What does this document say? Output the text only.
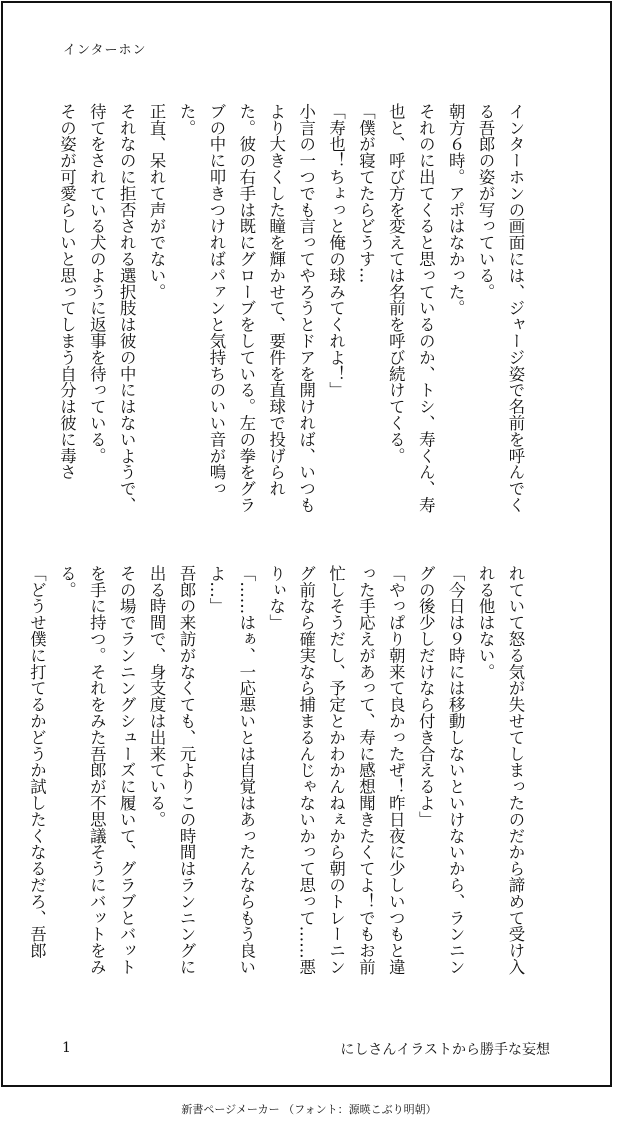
インターホン

インターホンの画面には、ジャージ姿で名前を呼んでくる吾郎の姿が写っている。

朝方６時。アポはなかった。

それのに出てくると思っているのか、トシ、寿くん、寿也と、呼び方を変えては名前を呼び続けてくる。

「僕が寝てたらどうす…

「寿也！ちょっと俺の球みてくれよ！」

小言の一つでも言ってやろうとドアを開ければ、いつもより大きくした瞳を輝かせて、要件を直球で投げられた。彼の右手は既にグローブをしている。左の拳をグラブの中に叩きつければパァンと気持ちのいい音が鳴った。

正直、呆れて声がでない。

それなのに拒否される選択肢は彼の中にはないようで、待てをされている犬のように返事を待っている。

その姿が可愛らしいと思ってしまう自分は彼に毒さ

れていて怒る気が失せてしまったのだから諦めて受け入れる他はない。

「今日は９時には移動しないといけないから、ランニングの後少しだけなら付き合えるよ」

「やっぱり朝来て良かったぜ！昨日夜に少しいつもと違った手応えがあって、寿に感想聞きたくてよ！でもお前忙しそうだし、予定とかわかんねぇから朝のトレーニング前なら確実なら捕まるんじゃないかって思って……悪りぃな」

「……はぁ、一応悪いとは自覚はあったんならもう良いよ…」

吾郎の来訪がなくても、元よりこの時間はランニングに出る時間で、身支度は出来ている。

その場でランニングシューズに履いて、グラブとバットを手に持つ。それをみた吾郎が不思議そうにバットをみる。

「どうせ僕に打てるかどうか試したくなるだろ、吾郎

1	にしさんイラストから勝手な妄想
新書ページメーカー （フォント：源暎こぶり明朝）
